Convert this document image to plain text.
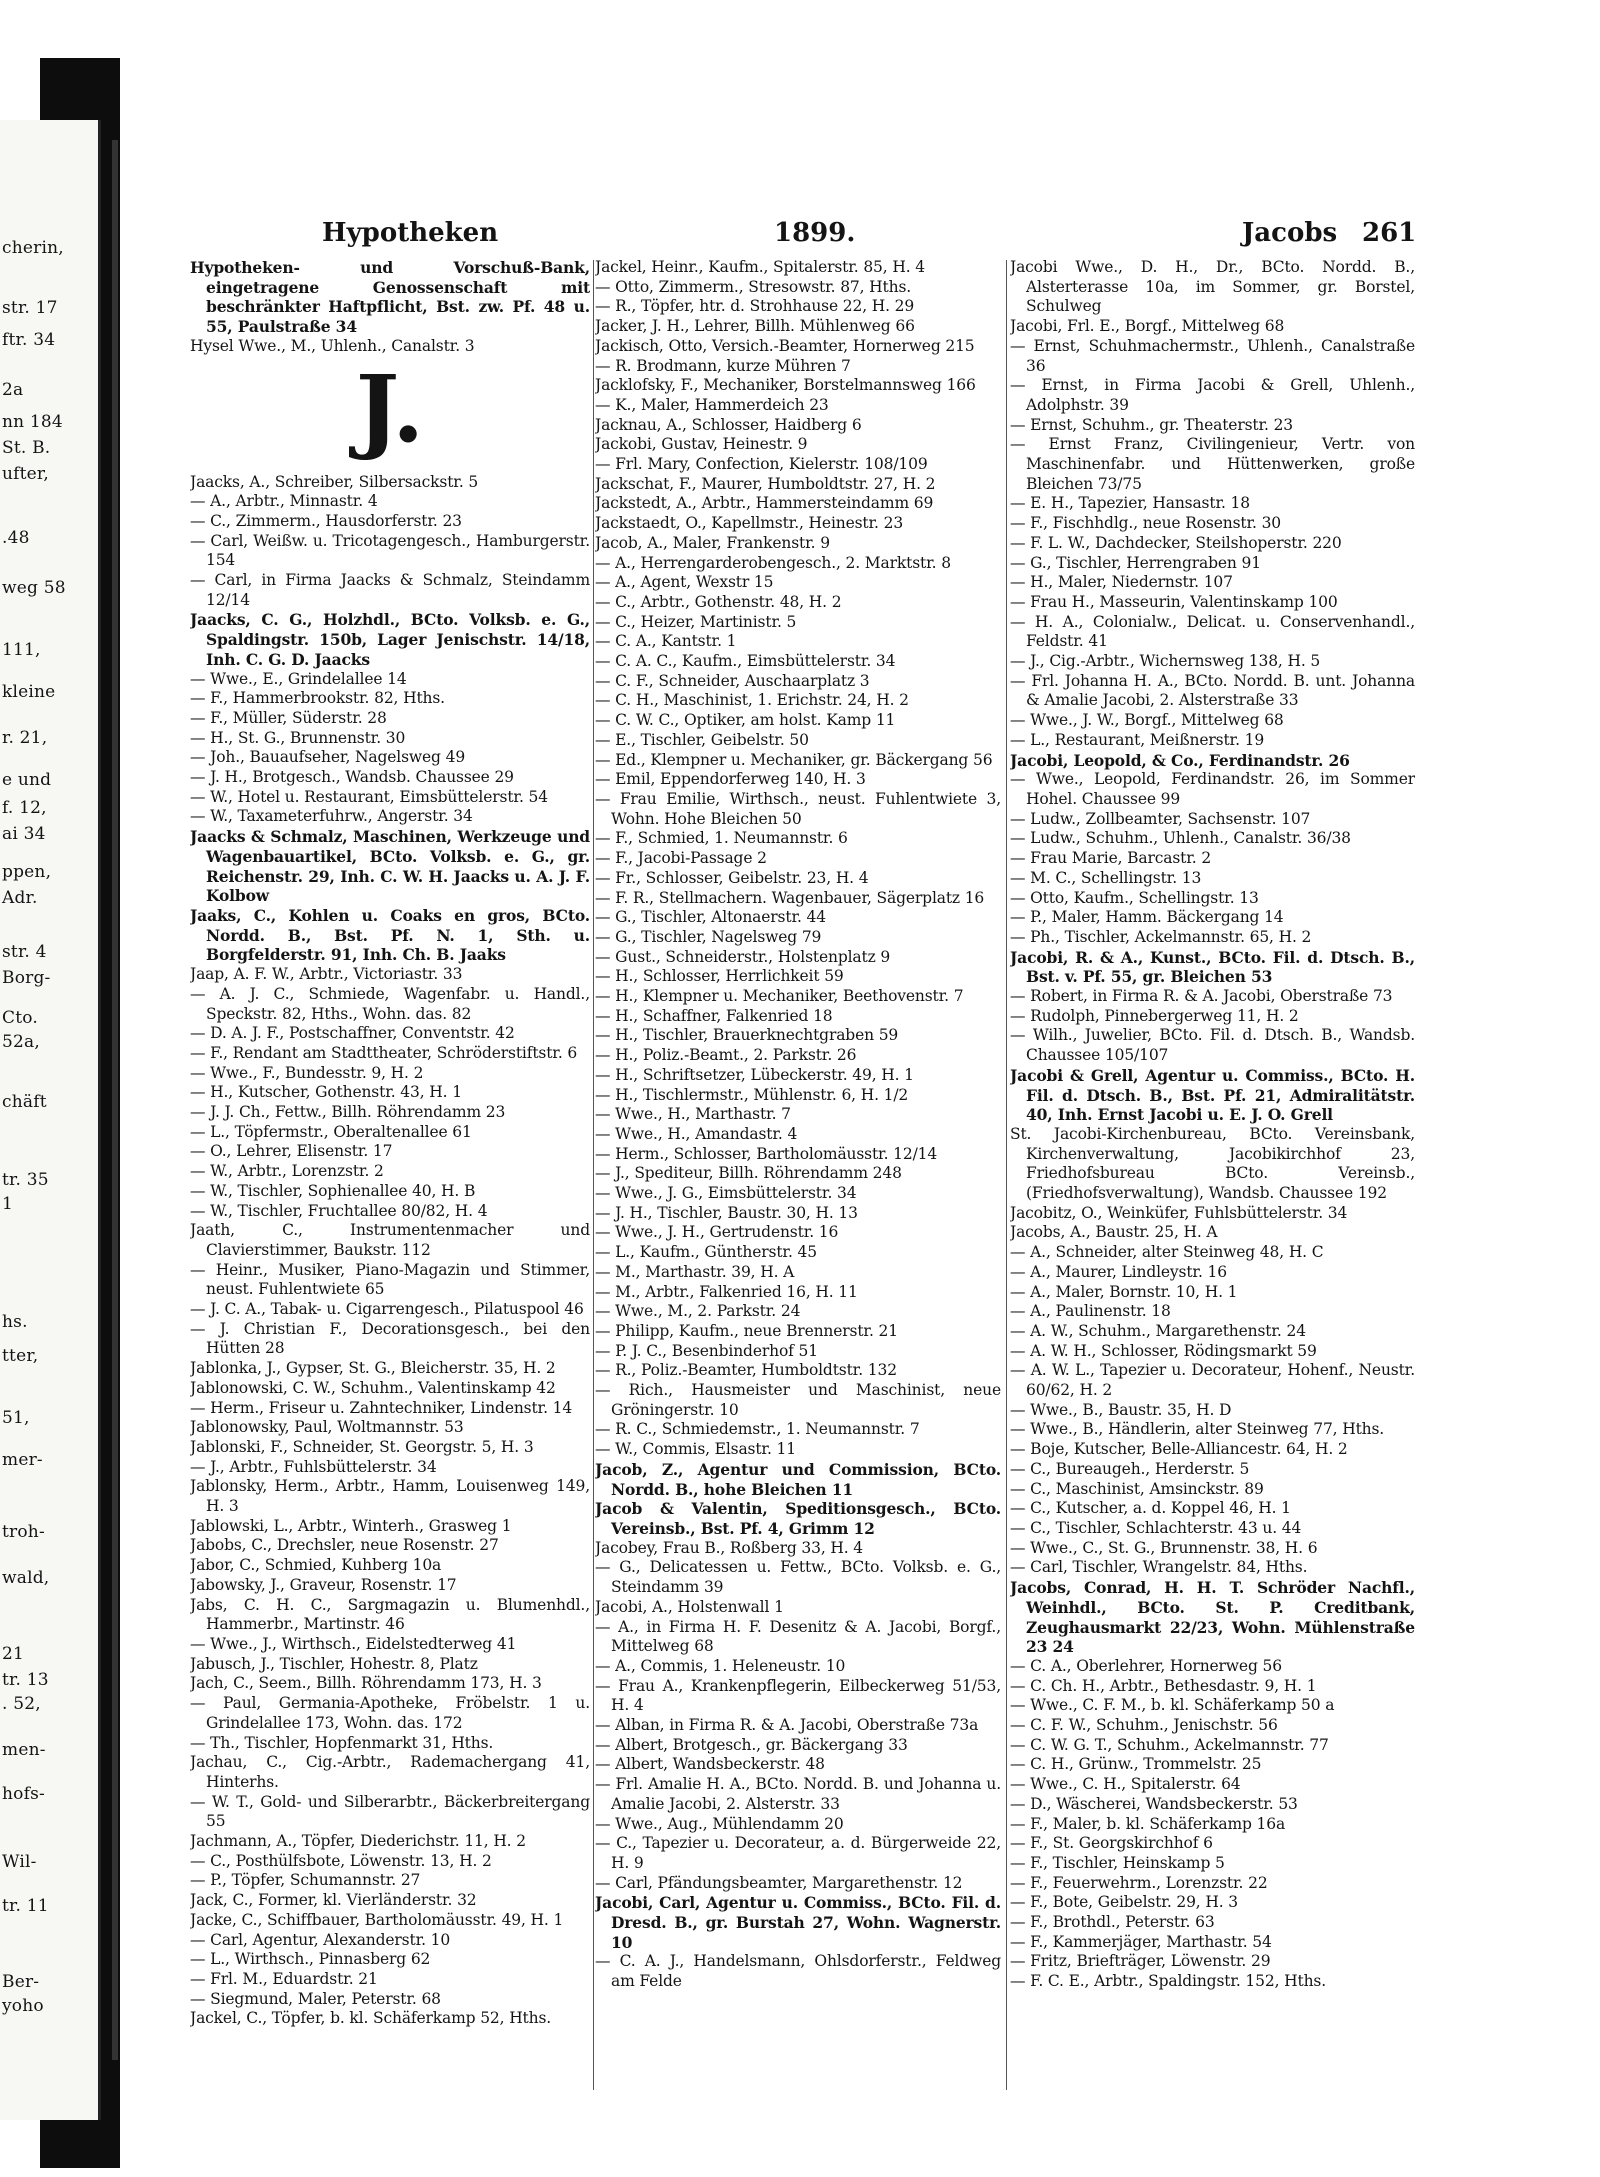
cherin,
str. 17
ftr. 34
2a
nn 184
St. B.
ufter,
.48
weg 58
111,
kleine
r. 21,
e und
f. 12,
ai 34
ppen,
Adr.
str. 4
Borg-
Cto.
52a,
chäft
tr. 35
1
hs.
tter,
51,
mer-
troh-
wald,
21
tr. 13
. 52,
men-
hofs-
Wil-
tr. 11
Ber-
yoho
Hypotheken	1899.	Jacobs 261
Hypotheken- und Vorschuß-Bank, eingetragene Genossenschaft mit beschränkter Haftpflicht, Bst. zw. Pf. 48 u. 55, Paulstraße 34
Hysel Wwe., M., Uhlenh., Canalstr. 3
J.
Jaacks, A., Schreiber, Silbersackstr. 5
— A., Arbtr., Minnastr. 4
— C., Zimmerm., Hausdorferstr. 23
— Carl, Weißw. u. Tricotagengesch., Hamburgerstr. 154
— Carl, in Firma Jaacks & Schmalz, Steindamm 12/14
Jaacks, C. G., Holzhdl., BCto. Volksb. e. G., Spaldingstr. 150b, Lager Jenischstr. 14/18, Inh. C. G. D. Jaacks
— Wwe., E., Grindelallee 14
— F., Hammerbrookstr. 82, Hths.
— F., Müller, Süderstr. 28
— H., St. G., Brunnenstr. 30
— Joh., Bauaufseher, Nagelsweg 49
— J. H., Brotgesch., Wandsb. Chaussee 29
— W., Hotel u. Restaurant, Eimsbüttelerstr. 54
— W., Taxameterfuhrw., Angerstr. 34
Jaacks & Schmalz, Maschinen, Werkzeuge und Wagenbauartikel, BCto. Volksb. e. G., gr. Reichenstr. 29, Inh. C. W. H. Jaacks u. A. J. F. Kolbow
Jaaks, C., Kohlen u. Coaks en gros, BCto. Nordd. B., Bst. Pf. N. 1, Sth. u. Borgfelderstr. 91, Inh. Ch. B. Jaaks
Jaap, A. F. W., Arbtr., Victoriastr. 33
— A. J. C., Schmiede, Wagenfabr. u. Handl., Speckstr. 82, Hths., Wohn. das. 82
— D. A. J. F., Postschaffner, Conventstr. 42
— F., Rendant am Stadttheater, Schröderstiftstr. 6
— Wwe., F., Bundesstr. 9, H. 2
— H., Kutscher, Gothenstr. 43, H. 1
— J. J. Ch., Fettw., Billh. Röhrendamm 23
— L., Töpfermstr., Oberaltenallee 61
— O., Lehrer, Elisenstr. 17
— W., Arbtr., Lorenzstr. 2
— W., Tischler, Sophienallee 40, H. B
— W., Tischler, Fruchtallee 80/82, H. 4
Jaath, C., Instrumentenmacher und Clavierstimmer, Baukstr. 112
— Heinr., Musiker, Piano-Magazin und Stimmer, neust. Fuhlentwiete 65
— J. C. A., Tabak- u. Cigarrengesch., Pilatuspool 46
— J. Christian F., Decorationsgesch., bei den Hütten 28
Jablonka, J., Gypser, St. G., Bleicherstr. 35, H. 2
Jablonowski, C. W., Schuhm., Valentinskamp 42
— Herm., Friseur u. Zahntechniker, Lindenstr. 14
Jablonowsky, Paul, Woltmannstr. 53
Jablonski, F., Schneider, St. Georgstr. 5, H. 3
— J., Arbtr., Fuhlsbüttelerstr. 34
Jablonsky, Herm., Arbtr., Hamm, Louisenweg 149, H. 3
Jablowski, L., Arbtr., Winterh., Grasweg 1
Jabobs, C., Drechsler, neue Rosenstr. 27
Jabor, C., Schmied, Kuhberg 10a
Jabowsky, J., Graveur, Rosenstr. 17
Jabs, C. H. C., Sargmagazin u. Blumenhdl., Hammerbr., Martinstr. 46
— Wwe., J., Wirthsch., Eidelstedterweg 41
Jabusch, J., Tischler, Hohestr. 8, Platz
Jach, C., Seem., Billh. Röhrendamm 173, H. 3
— Paul, Germania-Apotheke, Fröbelstr. 1 u. Grindelallee 173, Wohn. das. 172
— Th., Tischler, Hopfenmarkt 31, Hths.
Jachau, C., Cig.-Arbtr., Rademachergang 41, Hinterhs.
— W. T., Gold- und Silberarbtr., Bäckerbreitergang 55
Jachmann, A., Töpfer, Diederichstr. 11, H. 2
— C., Posthülfsbote, Löwenstr. 13, H. 2
— P., Töpfer, Schumannstr. 27
Jack, C., Former, kl. Vierländerstr. 32
Jacke, C., Schiffbauer, Bartholomäusstr. 49, H. 1
— Carl, Agentur, Alexanderstr. 10
— L., Wirthsch., Pinnasberg 62
— Frl. M., Eduardstr. 21
— Siegmund, Maler, Peterstr. 68
Jackel, C., Töpfer, b. kl. Schäferkamp 52, Hths.
Jackel, Heinr., Kaufm., Spitalerstr. 85, H. 4
— Otto, Zimmerm., Stresowstr. 87, Hths.
— R., Töpfer, htr. d. Strohhause 22, H. 29
Jacker, J. H., Lehrer, Billh. Mühlenweg 66
Jackisch, Otto, Versich.-Beamter, Hornerweg 215
— R. Brodmann, kurze Mühren 7
Jacklofsky, F., Mechaniker, Borstelmannsweg 166
— K., Maler, Hammerdeich 23
Jacknau, A., Schlosser, Haidberg 6
Jackobi, Gustav, Heinestr. 9
— Frl. Mary, Confection, Kielerstr. 108/109
Jackschat, F., Maurer, Humboldtstr. 27, H. 2
Jackstedt, A., Arbtr., Hammersteindamm 69
Jackstaedt, O., Kapellmstr., Heinestr. 23
Jacob, A., Maler, Frankenstr. 9
— A., Herrengarderobengesch., 2. Marktstr. 8
— A., Agent, Wexstr 15
— C., Arbtr., Gothenstr. 48, H. 2
— C., Heizer, Martinistr. 5
— C. A., Kantstr. 1
— C. A. C., Kaufm., Eimsbüttelerstr. 34
— C. F., Schneider, Auschaarplatz 3
— C. H., Maschinist, 1. Erichstr. 24, H. 2
— C. W. C., Optiker, am holst. Kamp 11
— E., Tischler, Geibelstr. 50
— Ed., Klempner u. Mechaniker, gr. Bäckergang 56
— Emil, Eppendorferweg 140, H. 3
— Frau Emilie, Wirthsch., neust. Fuhlentwiete 3, Wohn. Hohe Bleichen 50
— F., Schmied, 1. Neumannstr. 6
— F., Jacobi-Passage 2
— Fr., Schlosser, Geibelstr. 23, H. 4
— F. R., Stellmachern. Wagenbauer, Sägerplatz 16
— G., Tischler, Altonaerstr. 44
— G., Tischler, Nagelsweg 79
— Gust., Schneiderstr., Holstenplatz 9
— H., Schlosser, Herrlichkeit 59
— H., Klempner u. Mechaniker, Beethovenstr. 7
— H., Schaffner, Falkenried 18
— H., Tischler, Brauerknechtgraben 59
— H., Poliz.-Beamt., 2. Parkstr. 26
— H., Schriftsetzer, Lübeckerstr. 49, H. 1
— H., Tischlermstr., Mühlenstr. 6, H. 1/2
— Wwe., H., Marthastr. 7
— Wwe., H., Amandastr. 4
— Herm., Schlosser, Bartholomäusstr. 12/14
— J., Spediteur, Billh. Röhrendamm 248
— Wwe., J. G., Eimsbüttelerstr. 34
— J. H., Tischler, Baustr. 30, H. 13
— Wwe., J. H., Gertrudenstr. 16
— L., Kaufm., Güntherstr. 45
— M., Marthastr. 39, H. A
— M., Arbtr., Falkenried 16, H. 11
— Wwe., M., 2. Parkstr. 24
— Philipp, Kaufm., neue Brennerstr. 21
— P. J. C., Besenbinderhof 51
— R., Poliz.-Beamter, Humboldtstr. 132
— Rich., Hausmeister und Maschinist, neue Gröningerstr. 10
— R. C., Schmiedemstr., 1. Neumannstr. 7
— W., Commis, Elsastr. 11
Jacob, Z., Agentur und Commission, BCto. Nordd. B., hohe Bleichen 11
Jacob & Valentin, Speditionsgesch., BCto. Vereinsb., Bst. Pf. 4, Grimm 12
Jacobey, Frau B., Roßberg 33, H. 4
— G., Delicatessen u. Fettw., BCto. Volksb. e. G., Steindamm 39
Jacobi, A., Holstenwall 1
— A., in Firma H. F. Desenitz & A. Jacobi, Borgf., Mittelweg 68
— A., Commis, 1. Heleneustr. 10
— Frau A., Krankenpflegerin, Eilbeckerweg 51/53, H. 4
— Alban, in Firma R. & A. Jacobi, Oberstraße 73a
— Albert, Brotgesch., gr. Bäckergang 33
— Albert, Wandsbeckerstr. 48
— Frl. Amalie H. A., BCto. Nordd. B. und Johanna u. Amalie Jacobi, 2. Alsterstr. 33
— Wwe., Aug., Mühlendamm 20
— C., Tapezier u. Decorateur, a. d. Bürgerweide 22, H. 9
— Carl, Pfändungsbeamter, Margarethenstr. 12
Jacobi, Carl, Agentur u. Commiss., BCto. Fil. d. Dresd. B., gr. Burstah 27, Wohn. Wagnerstr. 10
— C. A. J., Handelsmann, Ohlsdorferstr., Feldweg am Felde
Jacobi Wwe., D. H., Dr., BCto. Nordd. B., Alsterterasse 10a, im Sommer, gr. Borstel, Schulweg
Jacobi, Frl. E., Borgf., Mittelweg 68
— Ernst, Schuhmachermstr., Uhlenh., Canalstraße 36
— Ernst, in Firma Jacobi & Grell, Uhlenh., Adolphstr. 39
— Ernst, Schuhm., gr. Theaterstr. 23
— Ernst Franz, Civilingenieur, Vertr. von Maschinenfabr. und Hüttenwerken, große Bleichen 73/75
— E. H., Tapezier, Hansastr. 18
— F., Fischhdlg., neue Rosenstr. 30
— F. L. W., Dachdecker, Steilshoperstr. 220
— G., Tischler, Herrengraben 91
— H., Maler, Niedernstr. 107
— Frau H., Masseurin, Valentinskamp 100
— H. A., Colonialw., Delicat. u. Conservenhandl., Feldstr. 41
— J., Cig.-Arbtr., Wichernsweg 138, H. 5
— Frl. Johanna H. A., BCto. Nordd. B. unt. Johanna & Amalie Jacobi, 2. Alsterstraße 33
— Wwe., J. W., Borgf., Mittelweg 68
— L., Restaurant, Meißnerstr. 19
Jacobi, Leopold, & Co., Ferdinandstr. 26
— Wwe., Leopold, Ferdinandstr. 26, im Sommer Hohel. Chaussee 99
— Ludw., Zollbeamter, Sachsenstr. 107
— Ludw., Schuhm., Uhlenh., Canalstr. 36/38
— Frau Marie, Barcastr. 2
— M. C., Schellingstr. 13
— Otto, Kaufm., Schellingstr. 13
— P., Maler, Hamm. Bäckergang 14
— Ph., Tischler, Ackelmannstr. 65, H. 2
Jacobi, R. & A., Kunst., BCto. Fil. d. Dtsch. B., Bst. v. Pf. 55, gr. Bleichen 53
— Robert, in Firma R. & A. Jacobi, Oberstraße 73
— Rudolph, Pinnebergerweg 11, H. 2
— Wilh., Juwelier, BCto. Fil. d. Dtsch. B., Wandsb. Chaussee 105/107
Jacobi & Grell, Agentur u. Commiss., BCto. H. Fil. d. Dtsch. B., Bst. Pf. 21, Admiralitätstr. 40, Inh. Ernst Jacobi u. E. J. O. Grell
St. Jacobi-Kirchenbureau, BCto. Vereinsbank, Kirchenverwaltung, Jacobikirchhof 23, Friedhofsbureau BCto. Vereinsb., (Friedhofsverwaltung), Wandsb. Chaussee 192
Jacobitz, O., Weinküfer, Fuhlsbüttelerstr. 34
Jacobs, A., Baustr. 25, H. A
— A., Schneider, alter Steinweg 48, H. C
— A., Maurer, Lindleystr. 16
— A., Maler, Bornstr. 10, H. 1
— A., Paulinenstr. 18
— A. W., Schuhm., Margarethenstr. 24
— A. W. H., Schlosser, Rödingsmarkt 59
— A. W. L., Tapezier u. Decorateur, Hohenf., Neustr. 60/62, H. 2
— Wwe., B., Baustr. 35, H. D
— Wwe., B., Händlerin, alter Steinweg 77, Hths.
— Boje, Kutscher, Belle-Alliancestr. 64, H. 2
— C., Bureaugeh., Herderstr. 5
— C., Maschinist, Amsinckstr. 89
— C., Kutscher, a. d. Koppel 46, H. 1
— C., Tischler, Schlachterstr. 43 u. 44
— Wwe., C., St. G., Brunnenstr. 38, H. 6
— Carl, Tischler, Wrangelstr. 84, Hths.
Jacobs, Conrad, H. H. T. Schröder Nachfl., Weinhdl., BCto. St. P. Creditbank, Zeughausmarkt 22/23, Wohn. Mühlenstraße 23 24
— C. A., Oberlehrer, Hornerweg 56
— C. Ch. H., Arbtr., Bethesdastr. 9, H. 1
— Wwe., C. F. M., b. kl. Schäferkamp 50 a
— C. F. W., Schuhm., Jenischstr. 56
— C. W. G. T., Schuhm., Ackelmannstr. 77
— C. H., Grünw., Trommelstr. 25
— Wwe., C. H., Spitalerstr. 64
— D., Wäscherei, Wandsbeckerstr. 53
— F., Maler, b. kl. Schäferkamp 16a
— F., St. Georgskirchhof 6
— F., Tischler, Heinskamp 5
— F., Feuerwehrm., Lorenzstr. 22
— F., Bote, Geibelstr. 29, H. 3
— F., Brothdl., Peterstr. 63
— F., Kammerjäger, Marthastr. 54
— Fritz, Briefträger, Löwenstr. 29
— F. C. E., Arbtr., Spaldingstr. 152, Hths.
